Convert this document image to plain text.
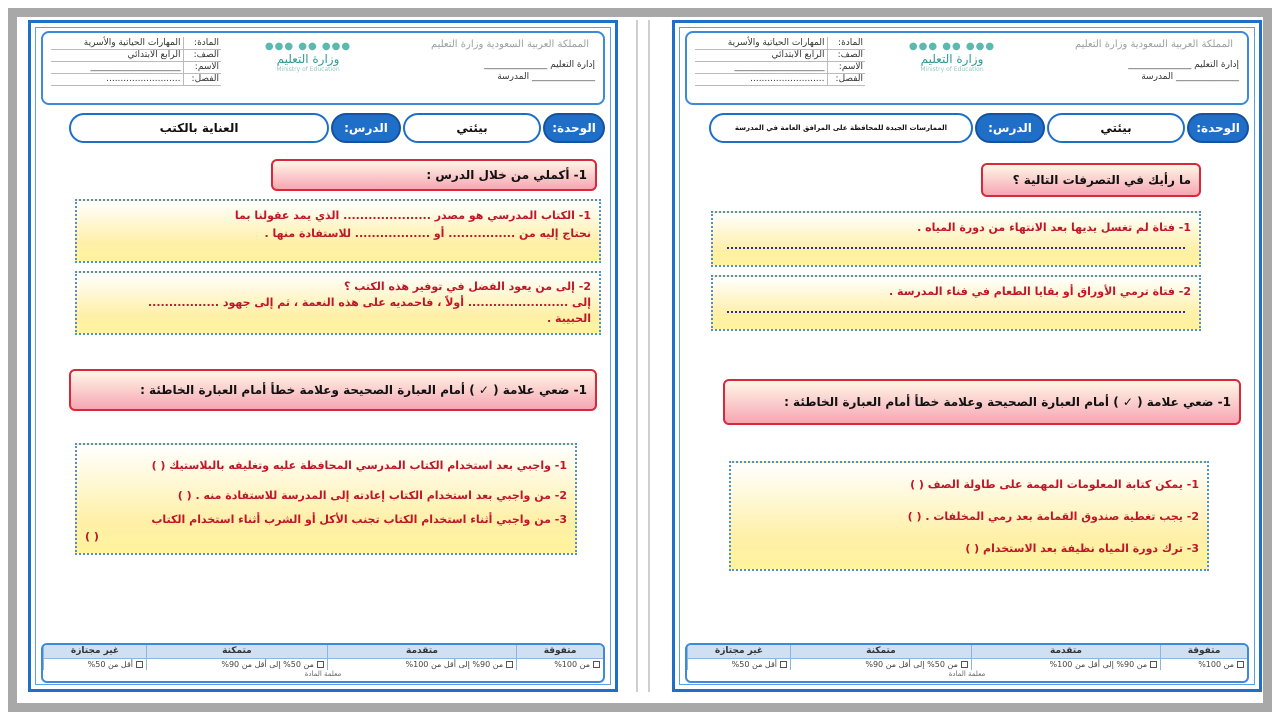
المملكة العربية السعودية وزارة التعليم
إدارة التعليم ______________
______________ المدرسة
●●● ●● ●●●
وزارة التعليم
Ministry of Education
المادة:	المهارات الحياتية والأسرية
الصف:	الرابع الابتدائي
الاسم:	____________________
الفصل:	..........................
الوحدة:
بيئتي
الدرس:
العناية بالكتب
1- أكملي من خلال الدرس :
1- الكتاب المدرسي هو مصدر ..................... الذي يمد عقولنا بما
نحتاج إليه من ................ أو .................. للاستفادة منها .
2- إلى من يعود الفضل في توفير هذه الكتب ؟
إلى ........................ أولاً ، فاحمديه على هذه النعمة ، ثم إلى جهود .................
الحبيبة .
1- ضعي علامة ( ✓ ) أمام العبارة الصحيحة وعلامة خطأ أمام العبارة الخاطئة :
1- واجبي بعد استخدام الكتاب المدرسي المحافظة عليه وتغليفه بالبلاستيك ( )
2- من واجبي بعد استخدام الكتاب إعادته إلى المدرسة للاستفادة منه . ( )
3- من واجبي أثناء استخدام الكتاب تجنب الأكل أو الشرب أثناء استخدام الكتاب
( )
متفوقة	متقدمة	متمكنة	غير مجتازة
من 100%	من 90% إلى أقل من 100%	من 50% إلى أقل من 90%	أقل من 50%
معلمة المادة
المملكة العربية السعودية وزارة التعليم
إدارة التعليم ______________
______________ المدرسة
●●● ●● ●●●
وزارة التعليم
Ministry of Education
المادة:	المهارات الحياتية والأسرية
الصف:	الرابع الابتدائي
الاسم:	____________________
الفصل:	..........................
الوحدة:
بيئتي
الدرس:
الممارسات الجيدة للمحافظة على المرافق العامة في المدرسة
ما رأيك في التصرفات التالية ؟
1- فتاة لم تغسل يديها بعد الانتهاء من دورة المياه .
2- فتاة ترمي الأوراق أو بقايا الطعام في فناء المدرسة .
1- ضعي علامة ( ✓ ) أمام العبارة الصحيحة وعلامة خطأ أمام العبارة الخاطئة :
1- يمكن كتابة المعلومات المهمة على طاولة الصف ( )
2- يجب تغطية صندوق القمامة بعد رمي المخلفات . ( )
3- ترك دورة المياه نظيفة بعد الاستخدام ( )
متفوقة	متقدمة	متمكنة	غير مجتازة
من 100%	من 90% إلى أقل من 100%	من 50% إلى أقل من 90%	أقل من 50%
معلمة المادة
